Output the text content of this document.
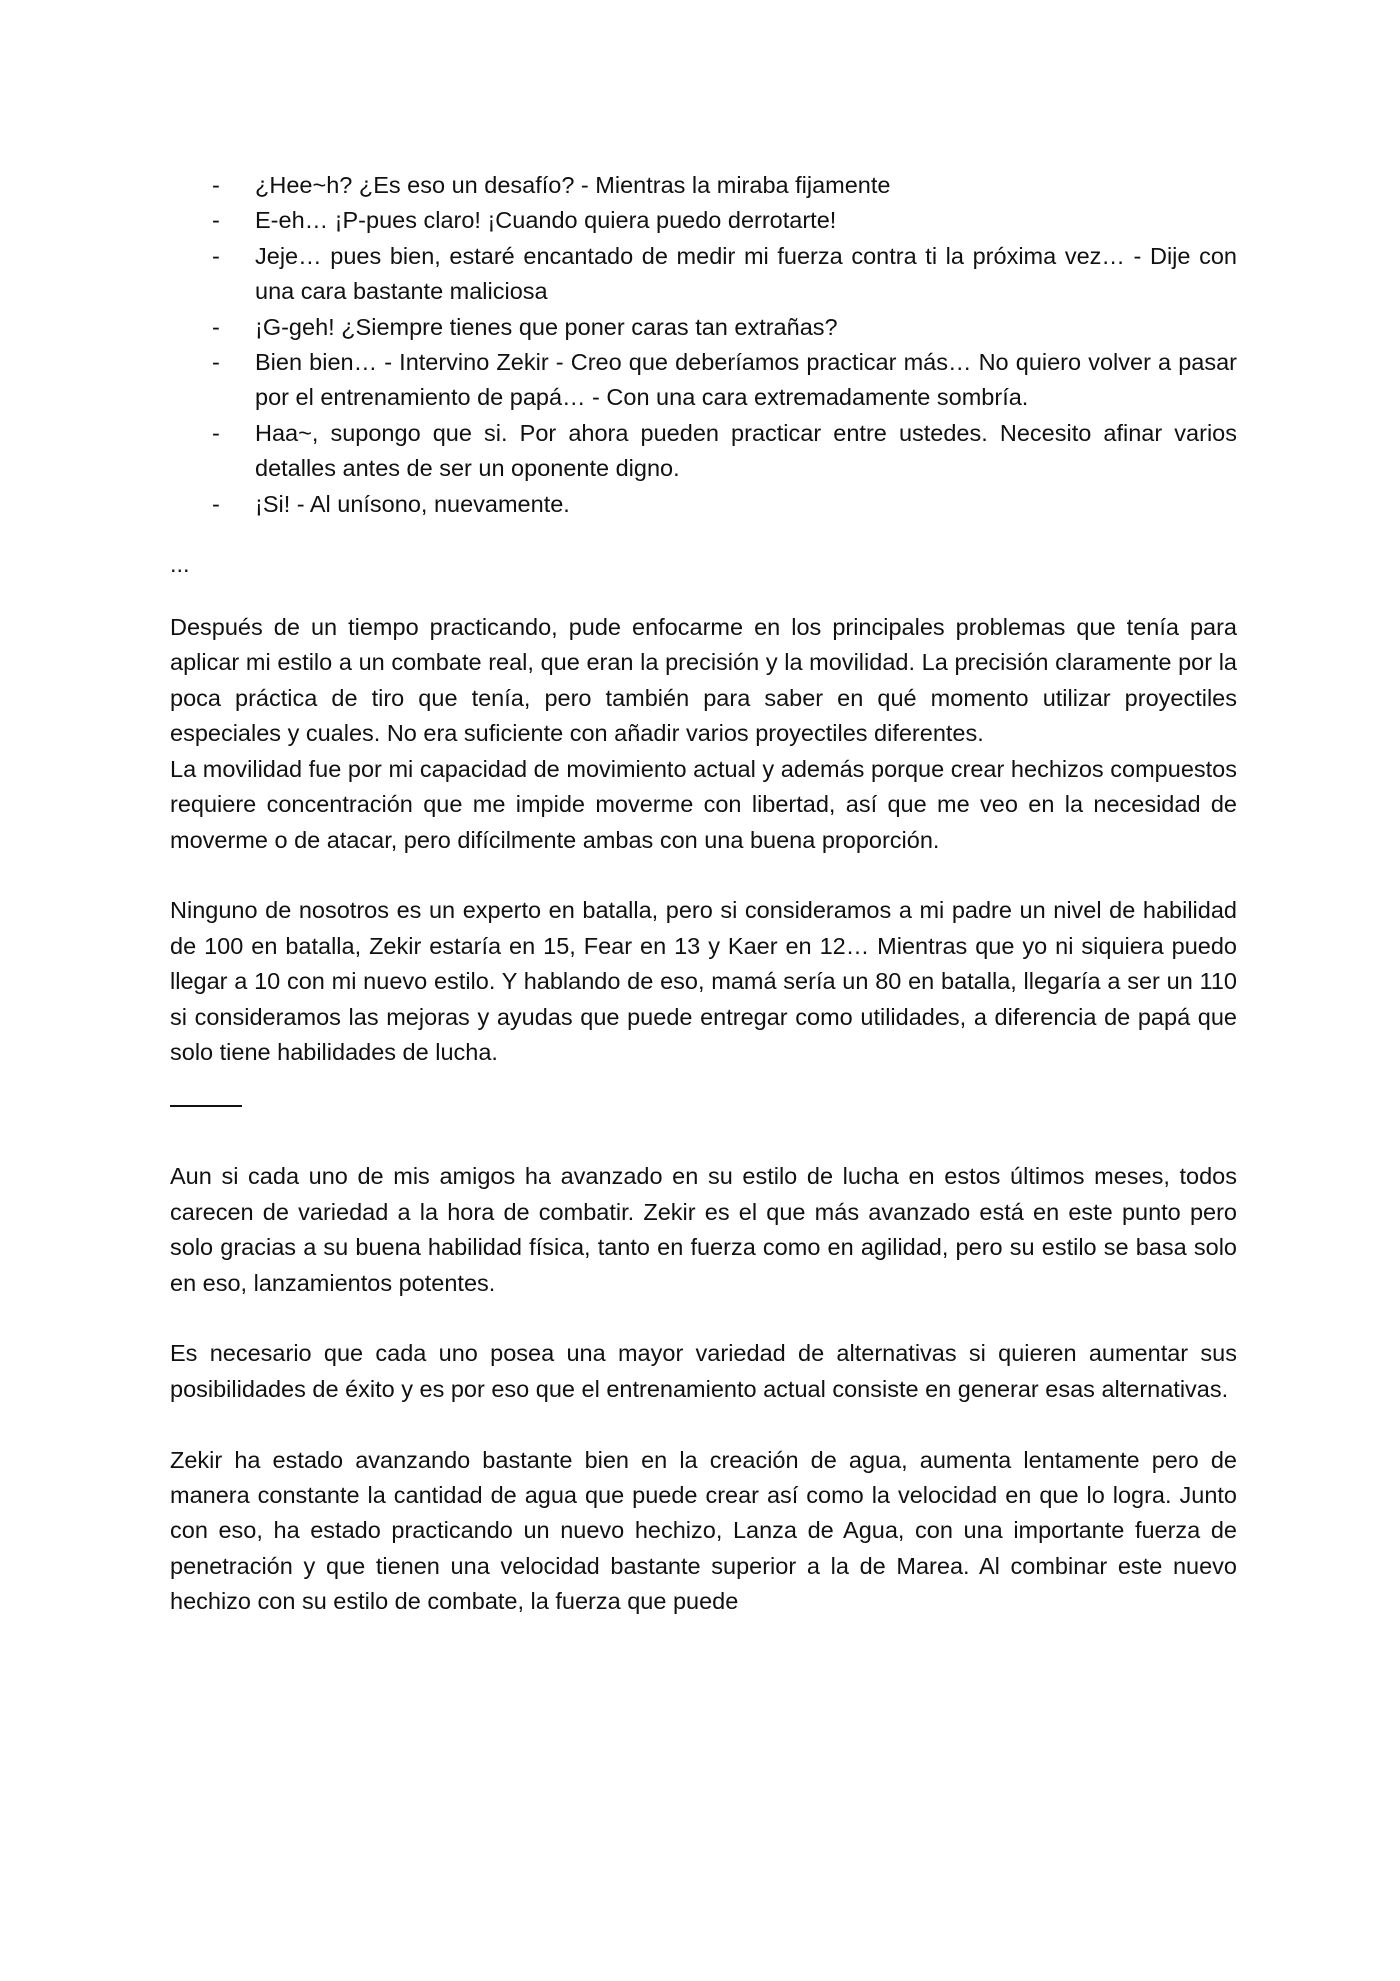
- ¿Hee~h? ¿Es eso un desafío? - Mientras la miraba fijamente
- E-eh… ¡P-pues claro! ¡Cuando quiera puedo derrotarte!
- Jeje… pues bien, estaré encantado de medir mi fuerza contra ti la próxima vez… - Dije con una cara bastante maliciosa
- ¡G-geh! ¿Siempre tienes que poner caras tan extrañas?
- Bien bien… - Intervino Zekir - Creo que deberíamos practicar más… No quiero volver a pasar por el entrenamiento de papá… - Con una cara extremadamente sombría.
- Haa~, supongo que si. Por ahora pueden practicar entre ustedes. Necesito afinar varios detalles antes de ser un oponente digno.
- ¡Si! - Al unísono, nuevamente.
...

Después de un tiempo practicando, pude enfocarme en los principales problemas que tenía para aplicar mi estilo a un combate real, que eran la precisión y la movilidad. La precisión claramente por la poca práctica de tiro que tenía, pero también para saber en qué momento utilizar proyectiles especiales y cuales. No era suficiente con añadir varios proyectiles diferentes.

La movilidad fue por mi capacidad de movimiento actual y además porque crear hechizos compuestos requiere concentración que me impide moverme con libertad, así que me veo en la necesidad de moverme o de atacar, pero difícilmente ambas con una buena proporción.

Ninguno de nosotros es un experto en batalla, pero si consideramos a mi padre un nivel de habilidad de 100 en batalla, Zekir estaría en 15, Fear en 13 y Kaer en 12… Mientras que yo ni siquiera puedo llegar a 10 con mi nuevo estilo. Y hablando de eso, mamá sería un 80 en batalla, llegaría a ser un 110 si consideramos las mejoras y ayudas que puede entregar como utilidades, a diferencia de papá que solo tiene habilidades de lucha.

Aun si cada uno de mis amigos ha avanzado en su estilo de lucha en estos últimos meses, todos carecen de variedad a la hora de combatir. Zekir es el que más avanzado está en este punto pero solo gracias a su buena habilidad física, tanto en fuerza como en agilidad, pero su estilo se basa solo en eso, lanzamientos potentes.

Es necesario que cada uno posea una mayor variedad de alternativas si quieren aumentar sus posibilidades de éxito y es por eso que el entrenamiento actual consiste en generar esas alternativas.

Zekir ha estado avanzando bastante bien en la creación de agua, aumenta lentamente pero de manera constante la cantidad de agua que puede crear así como la velocidad en que lo logra. Junto con eso, ha estado practicando un nuevo hechizo, Lanza de Agua, con una importante fuerza de penetración y que tienen una velocidad bastante superior a la de Marea. Al combinar este nuevo hechizo con su estilo de combate, la fuerza que puede
